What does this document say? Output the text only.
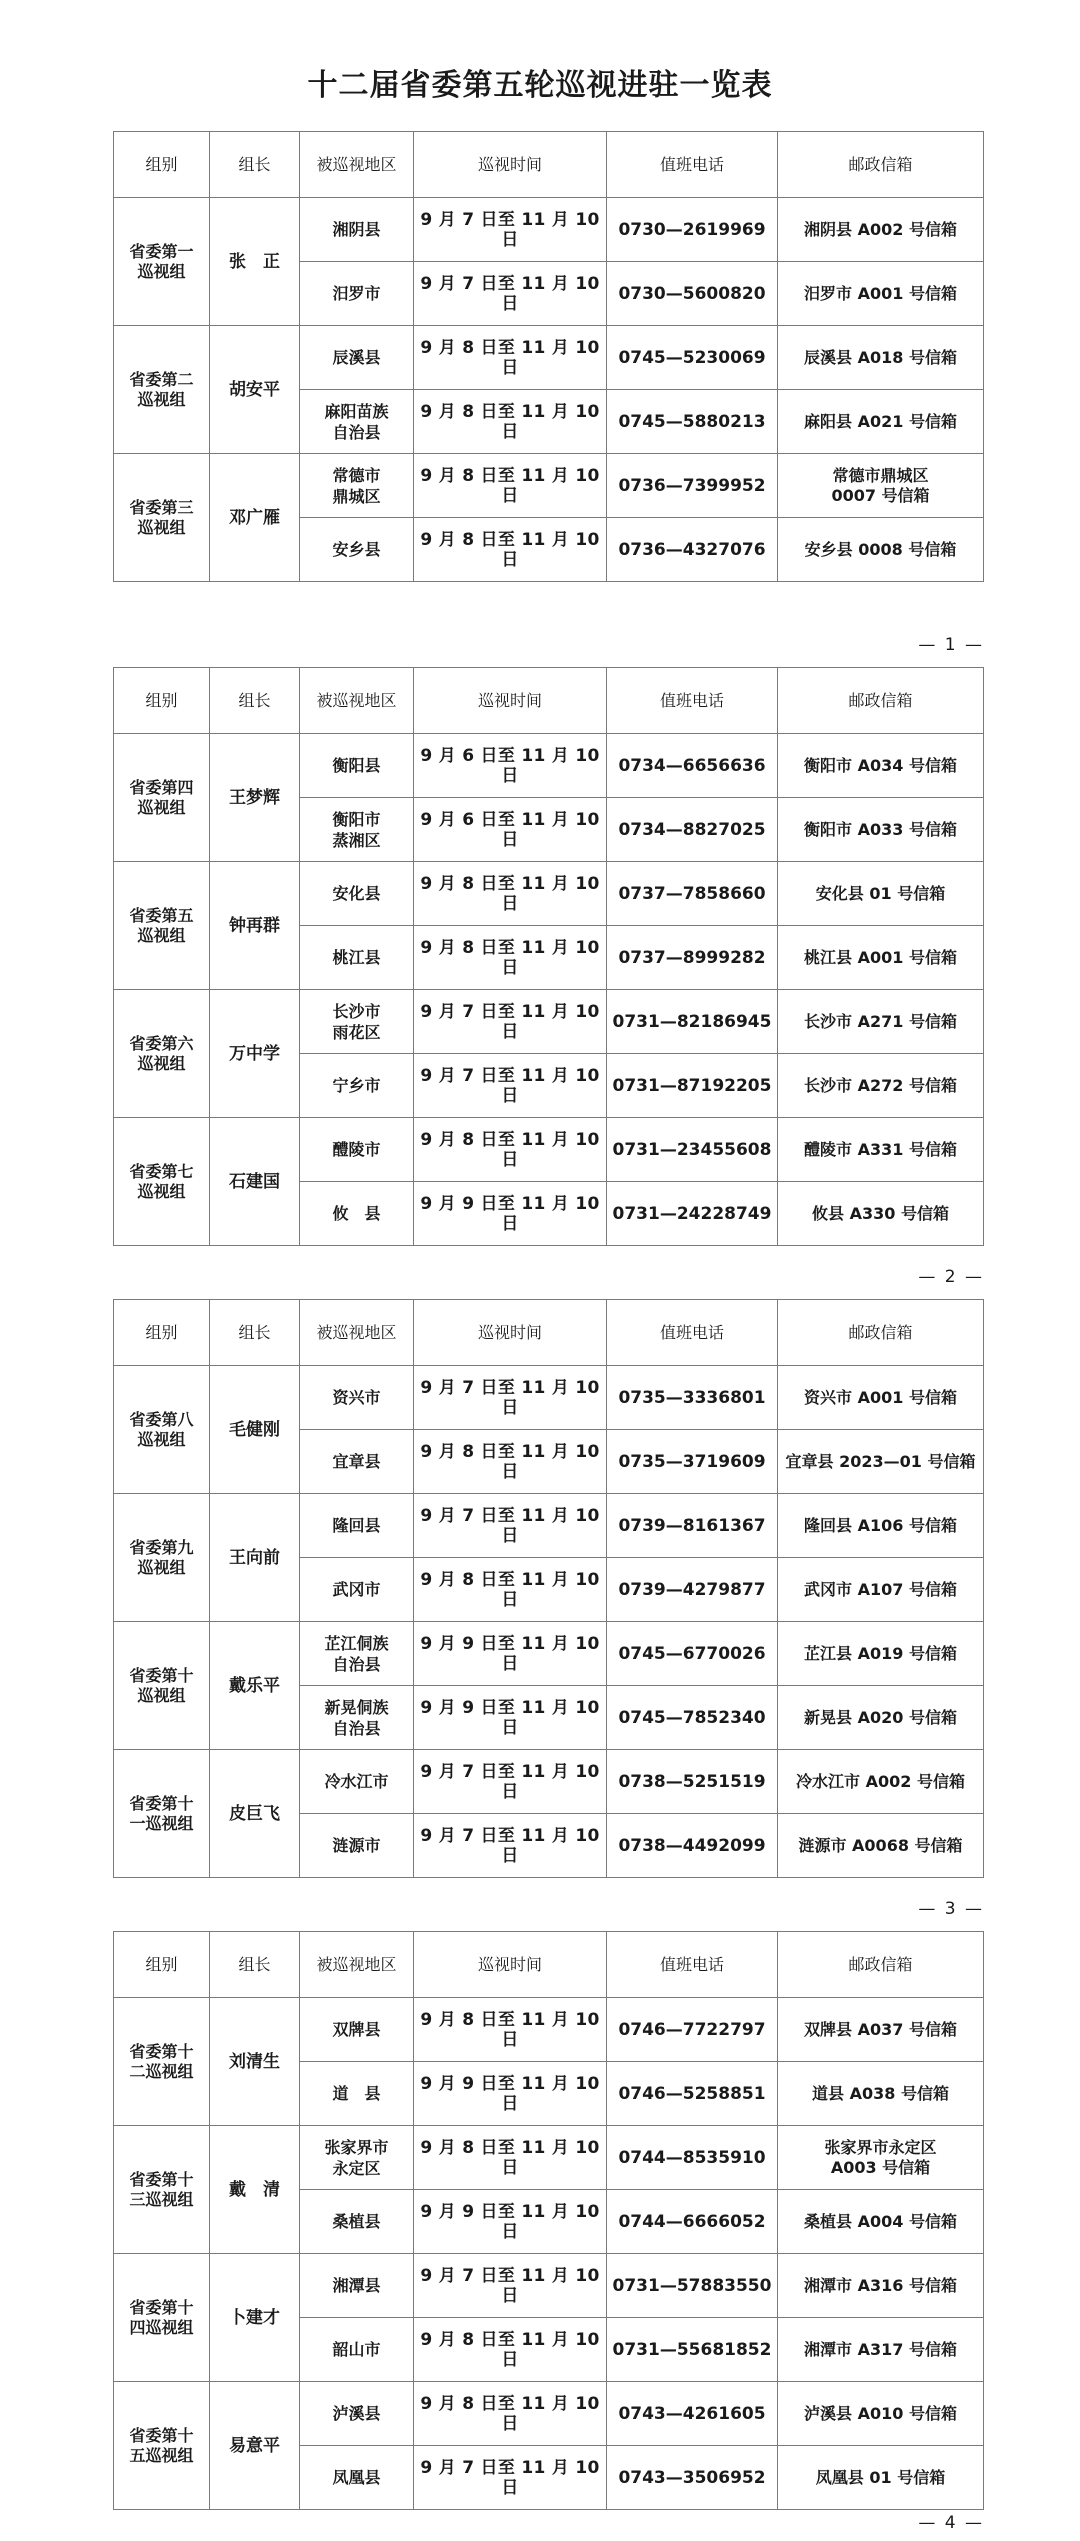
十二届省委第五轮巡视进驻一览表
组别	组长	被巡视地区	巡视时间	值班电话	邮政信箱
省委第一
巡视组	张　正	湘阴县	9 月 7 日至 11 月 10 日	0730—2619969	湘阴县 A002 号信箱
		汨罗市	9 月 7 日至 11 月 10 日	0730—5600820	汨罗市 A001 号信箱
省委第二
巡视组	胡安平	辰溪县	9 月 8 日至 11 月 10 日	0745—5230069	辰溪县 A018 号信箱
		麻阳苗族
自治县	9 月 8 日至 11 月 10 日	0745—5880213	麻阳县 A021 号信箱
省委第三
巡视组	邓广雁	常德市
鼎城区	9 月 8 日至 11 月 10 日	0736—7399952	常德市鼎城区
0007 号信箱
		安乡县	9 月 8 日至 11 月 10 日	0736—4327076	安乡县 0008 号信箱
— 1 —
组别	组长	被巡视地区	巡视时间	值班电话	邮政信箱
省委第四
巡视组	王梦辉	衡阳县	9 月 6 日至 11 月 10 日	0734—6656636	衡阳市 A034 号信箱
		衡阳市
蒸湘区	9 月 6 日至 11 月 10 日	0734—8827025	衡阳市 A033 号信箱
省委第五
巡视组	钟再群	安化县	9 月 8 日至 11 月 10 日	0737—7858660	安化县 01 号信箱
		桃江县	9 月 8 日至 11 月 10 日	0737—8999282	桃江县 A001 号信箱
省委第六
巡视组	万中学	长沙市
雨花区	9 月 7 日至 11 月 10 日	0731—82186945	长沙市 A271 号信箱
		宁乡市	9 月 7 日至 11 月 10 日	0731—87192205	长沙市 A272 号信箱
省委第七
巡视组	石建国	醴陵市	9 月 8 日至 11 月 10 日	0731—23455608	醴陵市 A331 号信箱
		攸　县	9 月 9 日至 11 月 10 日	0731—24228749	攸县 A330 号信箱
— 2 —
组别	组长	被巡视地区	巡视时间	值班电话	邮政信箱
省委第八
巡视组	毛健刚	资兴市	9 月 7 日至 11 月 10 日	0735—3336801	资兴市 A001 号信箱
		宜章县	9 月 8 日至 11 月 10 日	0735—3719609	宜章县 2023—01 号信箱
省委第九
巡视组	王向前	隆回县	9 月 7 日至 11 月 10 日	0739—8161367	隆回县 A106 号信箱
		武冈市	9 月 8 日至 11 月 10 日	0739—4279877	武冈市 A107 号信箱
省委第十
巡视组	戴乐平	芷江侗族
自治县	9 月 9 日至 11 月 10 日	0745—6770026	芷江县 A019 号信箱
		新晃侗族
自治县	9 月 9 日至 11 月 10 日	0745—7852340	新晃县 A020 号信箱
省委第十
一巡视组	皮巨飞	冷水江市	9 月 7 日至 11 月 10 日	0738—5251519	冷水江市 A002 号信箱
		涟源市	9 月 7 日至 11 月 10 日	0738—4492099	涟源市 A0068 号信箱
— 3 —
组别	组长	被巡视地区	巡视时间	值班电话	邮政信箱
省委第十
二巡视组	刘清生	双牌县	9 月 8 日至 11 月 10 日	0746—7722797	双牌县 A037 号信箱
		道　县	9 月 9 日至 11 月 10 日	0746—5258851	道县 A038 号信箱
省委第十
三巡视组	戴　清	张家界市
永定区	9 月 8 日至 11 月 10 日	0744—8535910	张家界市永定区
A003 号信箱
		桑植县	9 月 9 日至 11 月 10 日	0744—6666052	桑植县 A004 号信箱
省委第十
四巡视组	卜建才	湘潭县	9 月 7 日至 11 月 10 日	0731—57883550	湘潭市 A316 号信箱
		韶山市	9 月 8 日至 11 月 10 日	0731—55681852	湘潭市 A317 号信箱
省委第十
五巡视组	易意平	泸溪县	9 月 8 日至 11 月 10 日	0743—4261605	泸溪县 A010 号信箱
		凤凰县	9 月 7 日至 11 月 10 日	0743—3506952	凤凰县 01 号信箱
— 4 —
